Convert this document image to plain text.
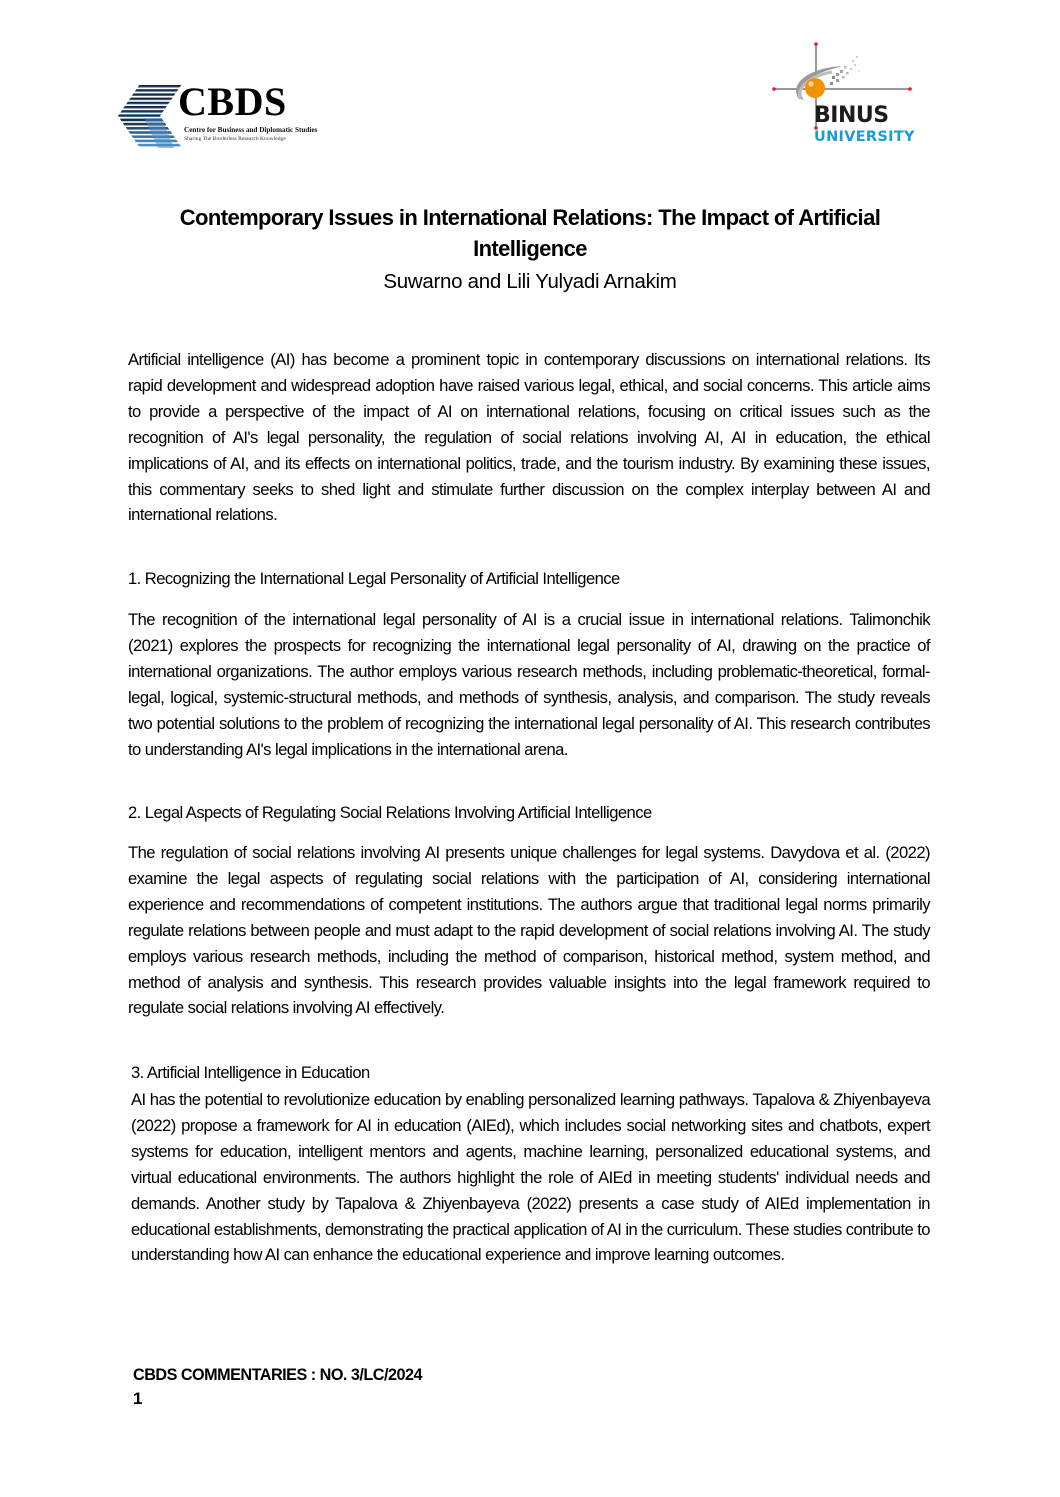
CBDS
Centre for Business and Diplomatic Studies
Sharing The Borderless Research Knowledge
BINUS
UNIVERSITY
Contemporary Issues in International Relations: The Impact of Artificial Intelligence
Suwarno and Lili Yulyadi Arnakim
Artificial intelligence (AI) has become a prominent topic in contemporary discussions on international relations. Its rapid development and widespread adoption have raised various legal, ethical, and social concerns. This article aims to provide a perspective of the impact of AI on international relations, focusing on critical issues such as the recognition of AI's legal personality, the regulation of social relations involving AI, AI in education, the ethical implications of AI, and its effects on international politics, trade, and the tourism industry. By examining these issues, this commentary seeks to shed light and stimulate further discussion on the complex interplay between AI and international relations.
1. Recognizing the International Legal Personality of Artificial Intelligence
The recognition of the international legal personality of AI is a crucial issue in international relations. Talimonchik (2021) explores the prospects for recognizing the international legal personality of AI, drawing on the practice of international organizations. The author employs various research methods, including problematic-theoretical, formal-legal, logical, systemic-structural methods, and methods of synthesis, analysis, and comparison. The study reveals two potential solutions to the problem of recognizing the international legal personality of AI. This research contributes to understanding AI's legal implications in the international arena.
2. Legal Aspects of Regulating Social Relations Involving Artificial Intelligence
The regulation of social relations involving AI presents unique challenges for legal systems. Davydova et al. (2022) examine the legal aspects of regulating social relations with the participation of AI, considering international experience and recommendations of competent institutions. The authors argue that traditional legal norms primarily regulate relations between people and must adapt to the rapid development of social relations involving AI. The study employs various research methods, including the method of comparison, historical method, system method, and method of analysis and synthesis. This research provides valuable insights into the legal framework required to regulate social relations involving AI effectively.
3. Artificial Intelligence in Education
AI has the potential to revolutionize education by enabling personalized learning pathways. Tapalova & Zhiyenbayeva (2022) propose a framework for AI in education (AIEd), which includes social networking sites and chatbots, expert systems for education, intelligent mentors and agents, machine learning, personalized educational systems, and virtual educational environments. The authors highlight the role of AIEd in meeting students' individual needs and demands. Another study by Tapalova & Zhiyenbayeva (2022) presents a case study of AIEd implementation in educational establishments, demonstrating the practical application of AI in the curriculum. These studies contribute to understanding how AI can enhance the educational experience and improve learning outcomes.
CBDS COMMENTARIES : NO. 3/LC/2024
1
